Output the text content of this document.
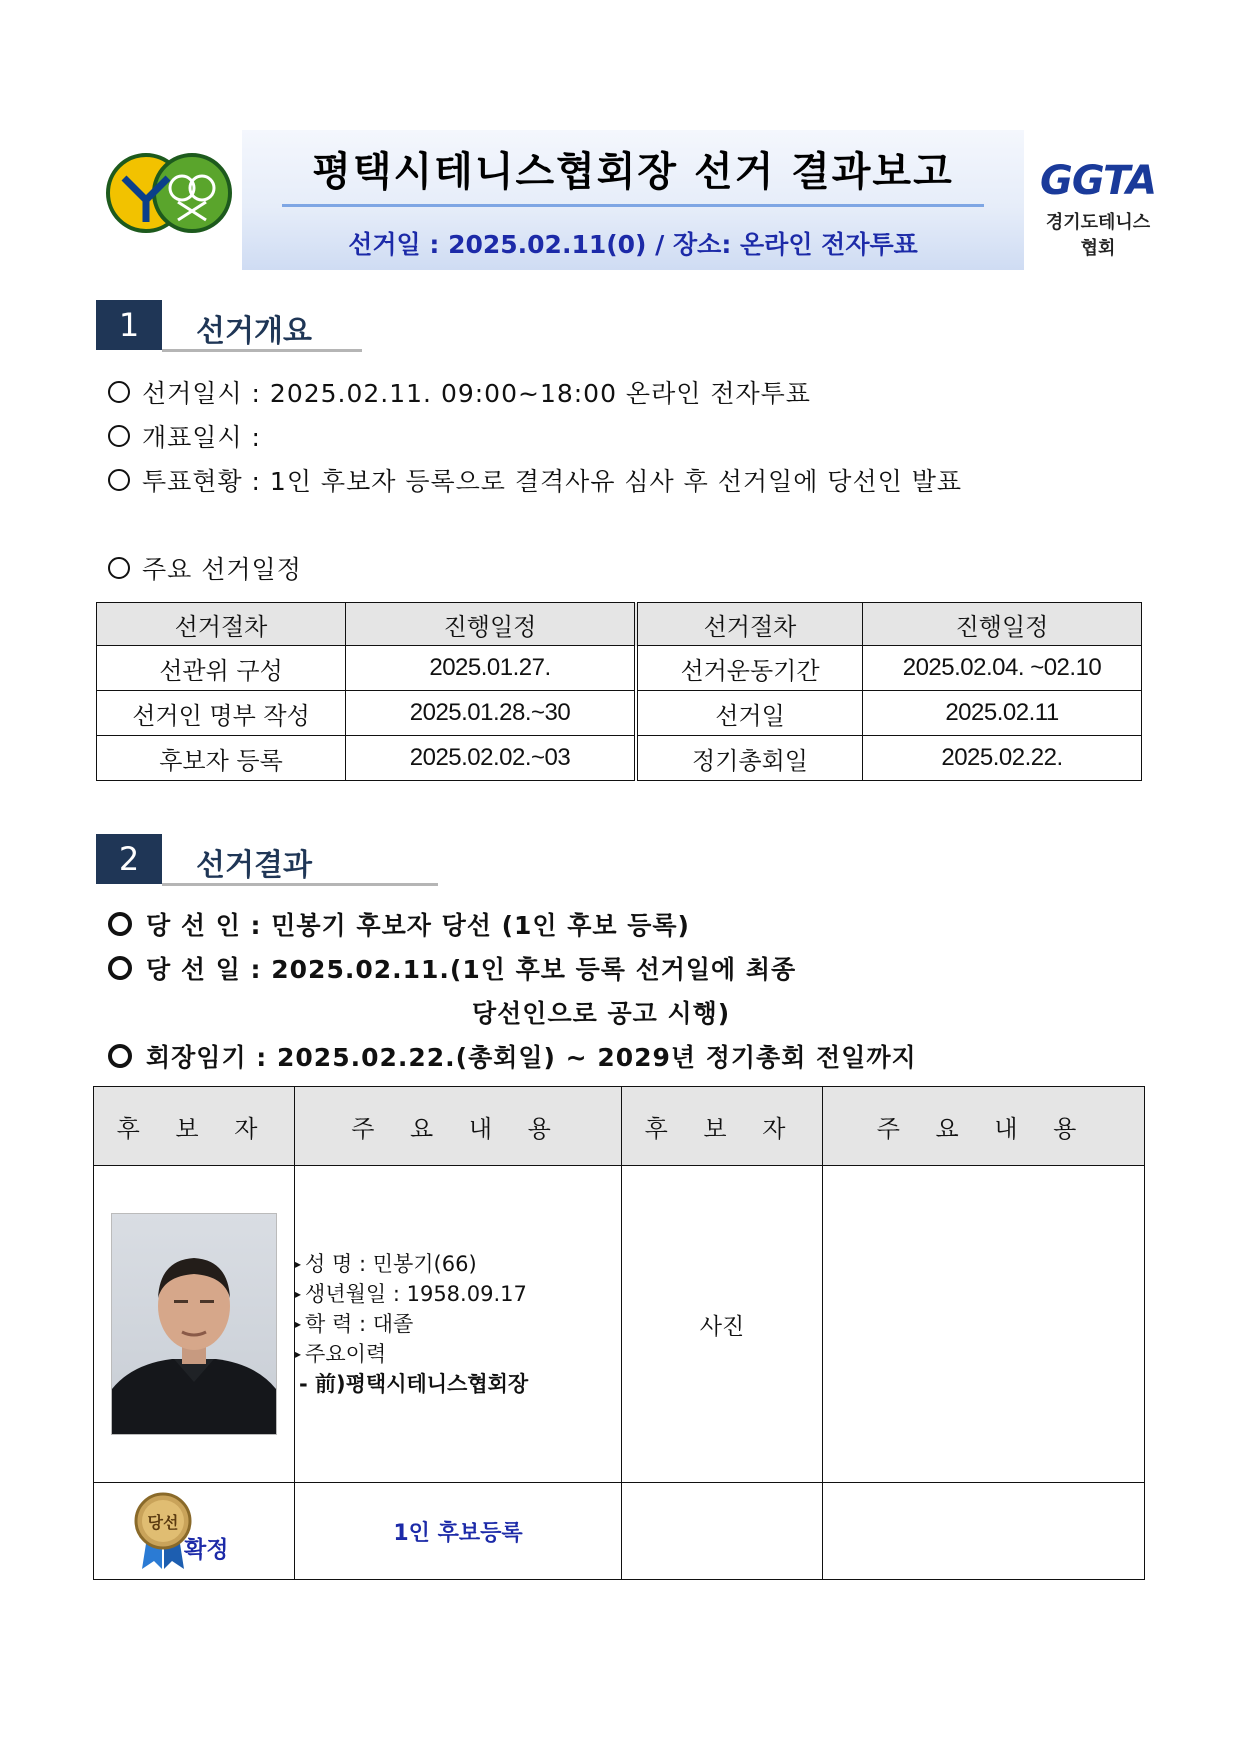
평택시테니스협회장 선거 결과보고
선거일 : 2025.02.11(0) / 장소: 온라인 전자투표
GGTA
경기도테니스협회
1	선거개요
선거일시 : 2025.02.11. 09:00~18:00 온라인 전자투표
개표일시 :
투표현황 : 1인 후보자 등록으로 결격사유 심사 후 선거일에 당선인 발표
주요 선거일정
선거절차	진행일정	선거절차	진행일정
선관위 구성	2025.01.27.	선거운동기간	2025.02.04. ~02.10
선거인 명부 작성	2025.01.28.~30	선거일	2025.02.11
후보자 등록	2025.02.02.~03	정기총회일	2025.02.22.
2	선거결과
당 선 인 : 민봉기 후보자 당선 (1인 후보 등록)
당 선 일 : 2025.02.11.(1인 후보 등록 선거일에 최종
당선인으로 공고 시행)
회장임기 : 2025.02.22.(총회일) ~ 2029년 정기총회 전일까지
후 보 자	주 요 내 용	후 보 자	주 요 내 용

▸ 성 명 : 민봉기(66)
▸ 생년월일 : 1958.09.17
▸ 학 력 : 대졸
▸ 주요이력
- 前)평택시테니스협회장	사진	

당선
확정	1인 후보등록		
